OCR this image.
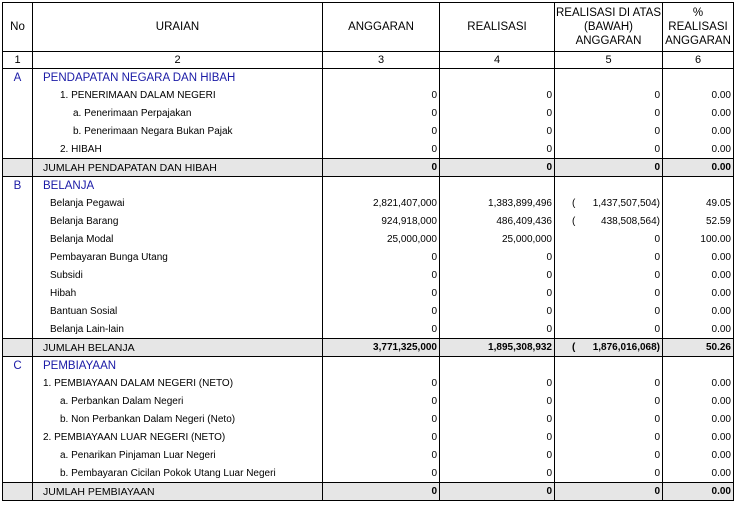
No	URAIAN	ANGGARAN	REALISASI	REALISASI DI ATAS (BAWAH) ANGGARAN	% REALISASI ANGGARAN
1	2	3	4	5	6
A	PENDAPATAN NEGARA DAN HIBAH				
	1. PENERIMAAN DALAM NEGERI	0	0	0	0.00
	a. Penerimaan Perpajakan	0	0	0	0.00
	b. Penerimaan Negara Bukan Pajak	0	0	0	0.00
	2. HIBAH	0	0	0	0.00
	JUMLAH PENDAPATAN DAN HIBAH	0	0	0	0.00
B	BELANJA				
	Belanja Pegawai	2,821,407,000	1,383,899,496	( 1,437,507,504)	49.05
	Belanja Barang	924,918,000	486,409,436	( 438,508,564)	52.59
	Belanja Modal	25,000,000	25,000,000	0	100.00
	Pembayaran Bunga Utang	0	0	0	0.00
	Subsidi	0	0	0	0.00
	Hibah	0	0	0	0.00
	Bantuan Sosial	0	0	0	0.00
	Belanja Lain-lain	0	0	0	0.00
	JUMLAH BELANJA	3,771,325,000	1,895,308,932	( 1,876,016,068)	50.26
C	PEMBIAYAAN				
	1. PEMBIAYAAN DALAM NEGERI (NETO)	0	0	0	0.00
	a. Perbankan Dalam Negeri	0	0	0	0.00
	b. Non Perbankan Dalam Negeri (Neto)	0	0	0	0.00
	2. PEMBIAYAAN LUAR NEGERI (NETO)	0	0	0	0.00
	a. Penarikan Pinjaman Luar Negeri	0	0	0	0.00
	b. Pembayaran Cicilan Pokok Utang Luar Negeri	0	0	0	0.00
	JUMLAH PEMBIAYAAN	0	0	0	0.00
